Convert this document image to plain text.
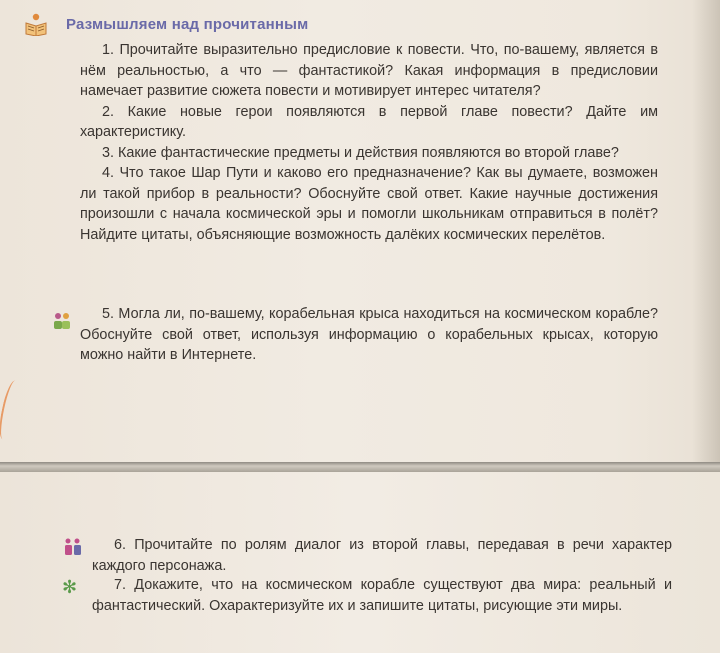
Размышляем над прочитанным

1. Прочитайте выразительно предисловие к повести. Что, по-вашему, является в нём реальностью, а что — фантастикой? Какая информация в предисловии намечает развитие сюжета повести и мотивирует интерес читателя?

2. Какие новые герои появляются в первой главе повести? Дайте им характеристику.

3. Какие фантастические предметы и действия появляются во второй главе?

4. Что такое Шар Пути и каково его предназначение? Как вы думаете, возможен ли такой прибор в реальности? Обоснуйте свой ответ. Какие научные достижения произошли с начала космической эры и помогли школьникам отправиться в полёт? Найдите цитаты, объясняющие возможность далёких космических перелётов.

5. Могла ли, по-вашему, корабельная крыса находиться на космическом корабле? Обоснуйте свой ответ, используя информацию о корабельных крысах, которую можно найти в Интернете.

6. Прочитайте по ролям диалог из второй главы, передавая в речи характер каждого персонажа.

✻	7. Докажите, что на космическом корабле существуют два мира: реальный и фантастический. Охарактеризуйте их и запишите цитаты, рисующие эти миры.
